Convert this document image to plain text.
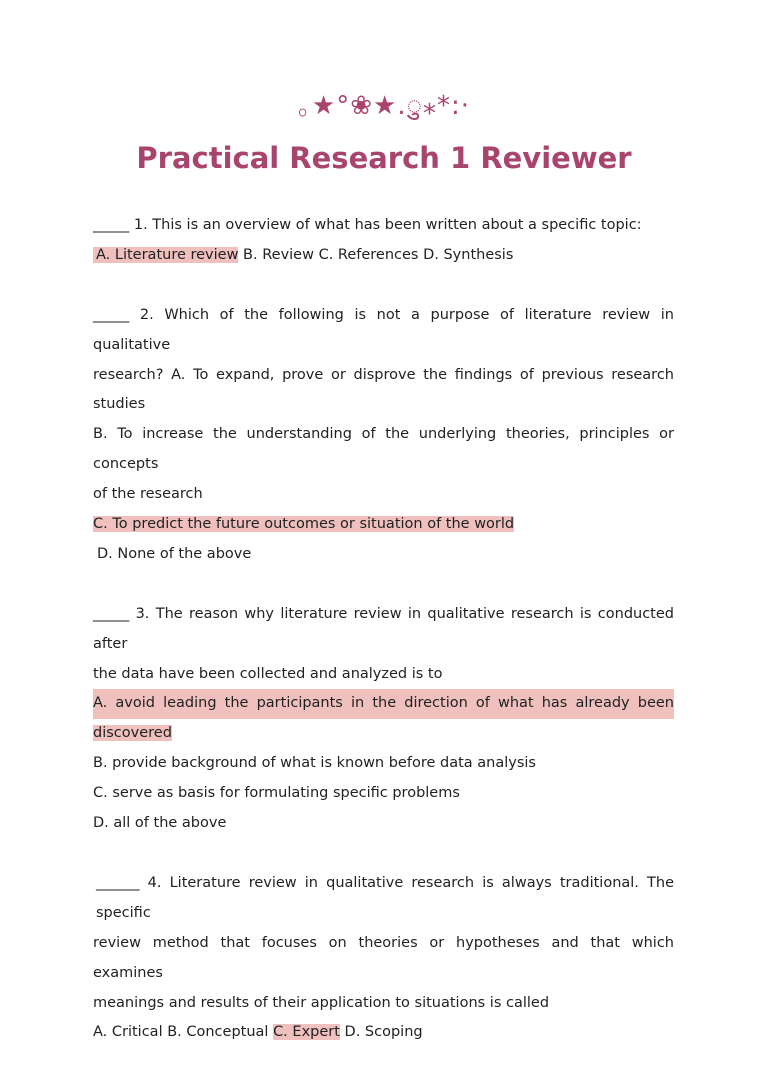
｡★°❀★.ु⁎*:·
Practical Research 1 Reviewer
_____ 1. This is an overview of what has been written about a specific topic:
A. Literature review B. Review C. References D. Synthesis
_____ 2. Which of the following is not a purpose of literature review in qualitative
research? A. To expand, prove or disprove the findings of previous research studies
B. To increase the understanding of the underlying theories, principles or concepts
of the research
C. To predict the future outcomes or situation of the world
D. None of the above
_____ 3. The reason why literature review in qualitative research is conducted after
the data have been collected and analyzed is to
A. avoid leading the participants in the direction of what has already been
discovered
B. provide background of what is known before data analysis
C. serve as basis for formulating specific problems
D. all of the above
______ 4. Literature review in qualitative research is always traditional. The specific
review method that focuses on theories or hypotheses and that which examines
meanings and results of their application to situations is called
A. Critical B. Conceptual C. Expert D. Scoping
